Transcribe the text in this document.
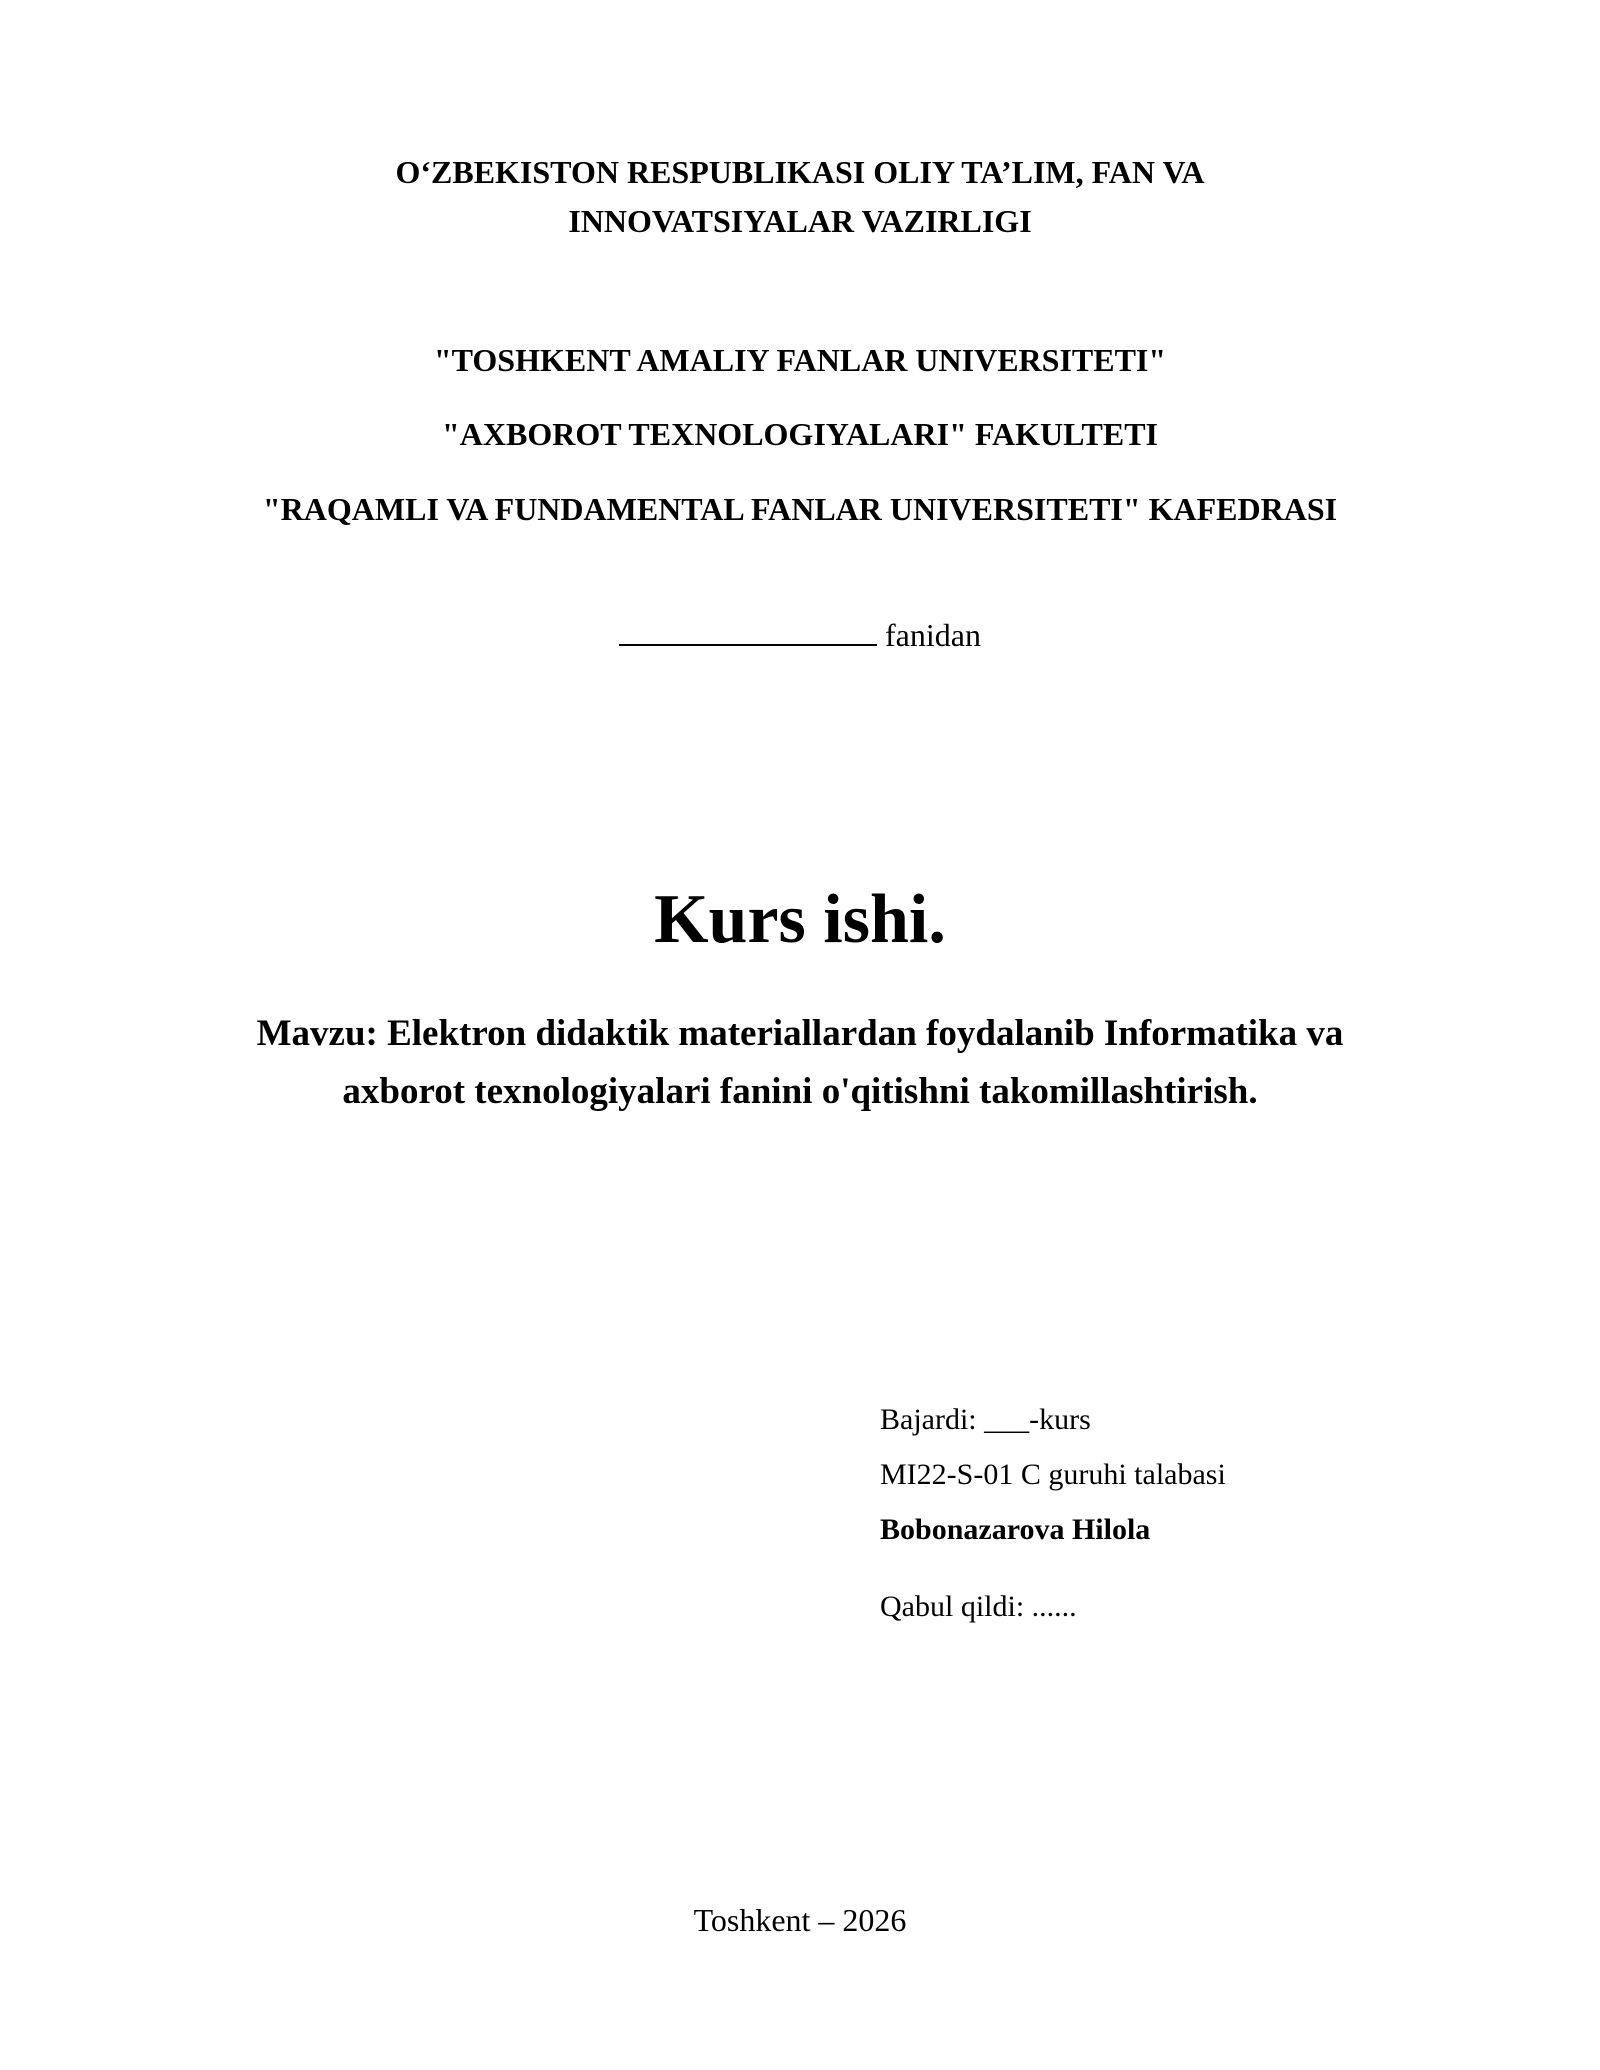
O‘ZBEKISTON RESPUBLIKASI OLIY TA’LIM, FAN VA
INNOVATSIYALAR VAZIRLIGI
"TOSHKENT AMALIY FANLAR UNIVERSITETI"
"AXBOROT TEXNOLOGIYALARI" FAKULTETI
"RAQAMLI VA FUNDAMENTAL FANLAR UNIVERSITETI" KAFEDRASI
fanidan
Kurs ishi.
Mavzu: Elektron didaktik materiallardan foydalanib Informatika va
axborot texnologiyalari fanini o'qitishni takomillashtirish.
Bajardi: ___-kurs
MI22-S-01 C guruhi talabasi
Bobonazarova Hilola
Qabul qildi: ......
Toshkent – 2026
